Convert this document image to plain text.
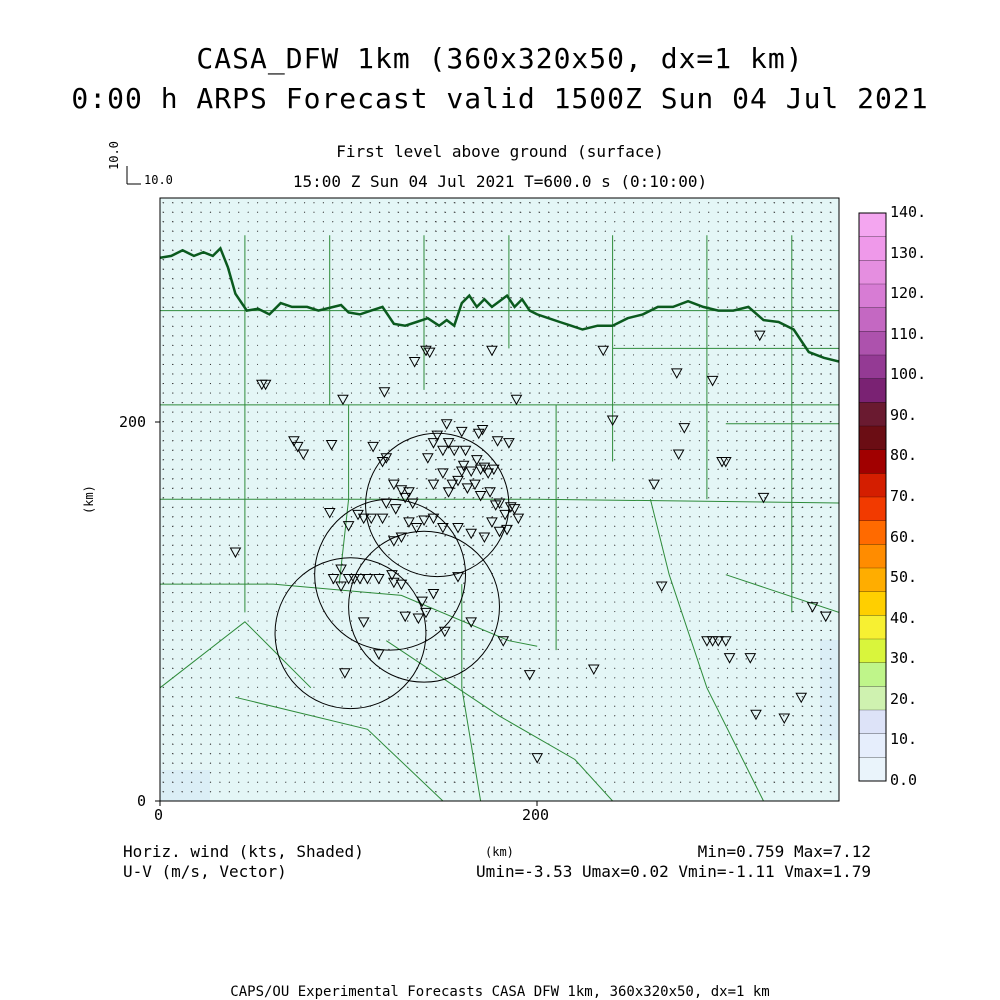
CASA_DFW 1km (360x320x50, dx=1 km)
0:00 h ARPS Forecast valid 1500Z Sun 04 Jul 2021
First level above ground (surface)
15:00 Z Sun 04 Jul 2021 T=600.0 s (0:10:00)
10.0
10.0
200
0
0	200
(km)
(km)
140.
130.
120.
110.
100.
90.
80.
70.
60.
50.
40.
30.
20.
10.
0.0
Horiz. wind (kts, Shaded)
U-V (m/s, Vector)
Min=0.759 Max=7.12
Umin=-3.53 Umax=0.02 Vmin=-1.11 Vmax=1.79
CAPS/OU Experimental Forecasts CASA DFW 1km, 360x320x50, dx=1 km
